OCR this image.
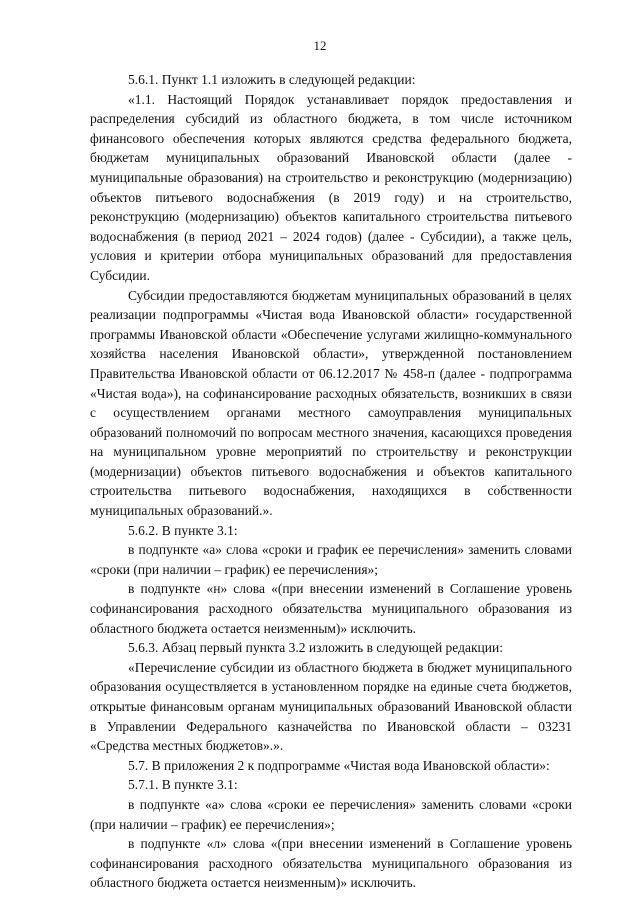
12

5.6.1. Пункт 1.1 изложить в следующей редакции:

«1.1. Настоящий Порядок устанавливает порядок предоставления и распределения субсидий из областного бюджета, в том числе источником финансового обеспечения которых являются средства федерального бюджета, бюджетам муниципальных образований Ивановской области (далее - муниципальные образования) на строительство и реконструкцию (модернизацию) объектов питьевого водоснабжения (в 2019 году) и на строительство, реконструкцию (модернизацию) объектов капитального строительства питьевого водоснабжения (в период 2021 – 2024 годов) (далее - Субсидии), а также цель, условия и критерии отбора муниципальных образований для предоставления Субсидии.

Субсидии предоставляются бюджетам муниципальных образований в целях реализации подпрограммы «Чистая вода Ивановской области» государственной программы Ивановской области «Обеспечение услугами жилищно-коммунального хозяйства населения Ивановской области», утвержденной постановлением Правительства Ивановской области от 06.12.2017 № 458-п (далее - подпрограмма «Чистая вода»), на софинансирование расходных обязательств, возникших в связи с осуществлением органами местного самоуправления муниципальных образований полномочий по вопросам местного значения, касающихся проведения на муниципальном уровне мероприятий по строительству и реконструкции (модернизации) объектов питьевого водоснабжения и объектов капитального строительства питьевого водоснабжения, находящихся в собственности муниципальных образований.».

5.6.2. В пункте 3.1:

в подпункте «а» слова «сроки и график ее перечисления» заменить словами «сроки (при наличии – график) ее перечисления»;

в подпункте «н» слова «(при внесении изменений в Соглашение уровень софинансирования расходного обязательства муниципального образования из областного бюджета остается неизменным)» исключить.

5.6.3. Абзац первый пункта 3.2 изложить в следующей редакции:

«Перечисление субсидии из областного бюджета в бюджет муниципального образования осуществляется в установленном порядке на единые счета бюджетов, открытые финансовым органам муниципальных образований Ивановской области в Управлении Федерального казначейства по Ивановской области – 03231 «Средства местных бюджетов».».

5.7. В приложения 2 к подпрограмме «Чистая вода Ивановской области»:

5.7.1. В пункте 3.1:

в подпункте «а» слова «сроки ее перечисления» заменить словами «сроки (при наличии – график) ее перечисления»;

в подпункте «л» слова «(при внесении изменений в Соглашение уровень софинансирования расходного обязательства муниципального образования из областного бюджета остается неизменным)» исключить.
